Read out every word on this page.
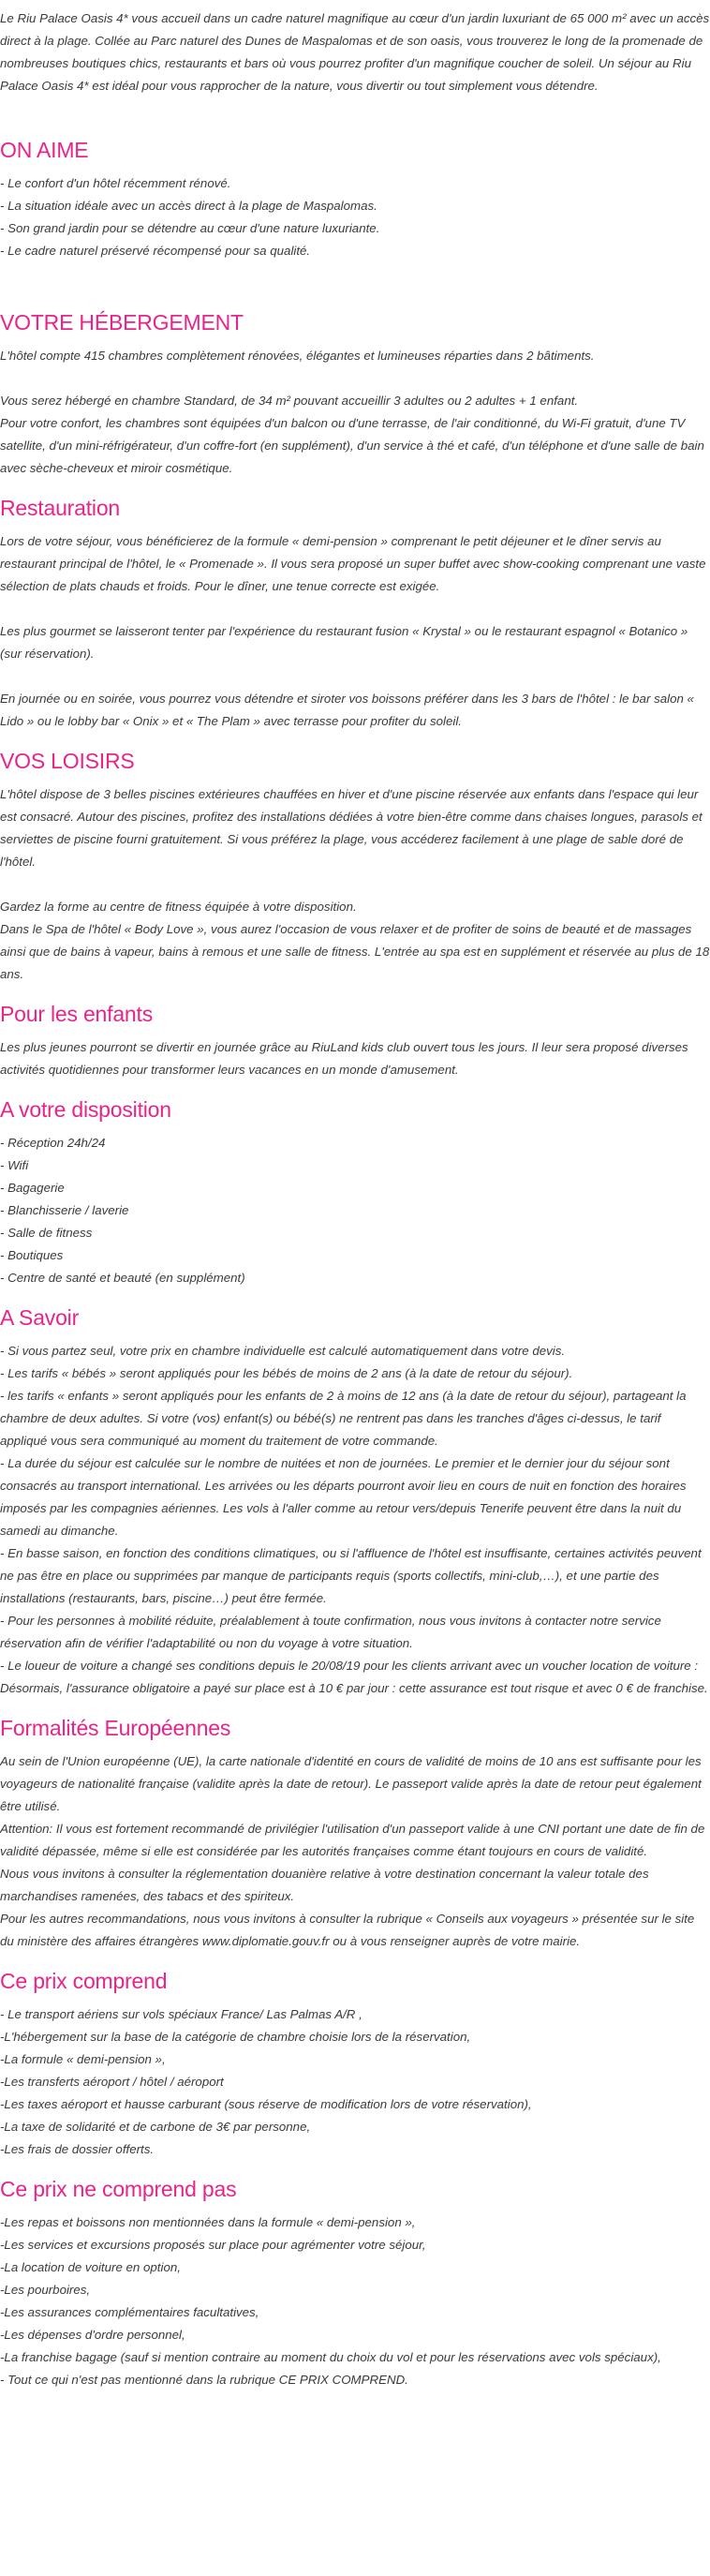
Le Riu Palace Oasis 4* vous accueil dans un cadre naturel magnifique au cœur d'un jardin luxuriant de 65 000 m² avec un accès direct à la plage. Collée au Parc naturel des Dunes de Maspalomas et de son oasis, vous trouverez le long de la promenade de nombreuses boutiques chics, restaurants et bars où vous pourrez profiter d'un magnifique coucher de soleil. Un séjour au Riu Palace Oasis 4* est idéal pour vous rapprocher de la nature, vous divertir ou tout simplement vous détendre.

ON AIME
- Le confort d'un hôtel récemment rénové.
- La situation idéale avec un accès direct à la plage de Maspalomas.
- Son grand jardin pour se détendre au cœur d'une nature luxuriante.
- Le cadre naturel préservé récompensé pour sa qualité.
VOTRE HÉBERGEMENT

L'hôtel compte 415 chambres complètement rénovées, élégantes et lumineuses réparties dans 2 bâtiments.

Vous serez hébergé en chambre Standard, de 34 m² pouvant accueillir 3 adultes ou 2 adultes + 1 enfant.
Pour votre confort, les chambres sont équipées d'un balcon ou d'une terrasse, de l'air conditionné, du Wi-Fi gratuit, d'une TV satellite, d'un mini-réfrigérateur, d'un coffre-fort (en supplément), d'un service à thé et café, d'un téléphone et d'une salle de bain avec sèche-cheveux et miroir cosmétique.

Restauration

Lors de votre séjour, vous bénéficierez de la formule « demi-pension » comprenant le petit déjeuner et le dîner servis au restaurant principal de l'hôtel, le « Promenade ». Il vous sera proposé un super buffet avec show-cooking comprenant une vaste sélection de plats chauds et froids. Pour le dîner, une tenue correcte est exigée.

Les plus gourmet se laisseront tenter par l'expérience du restaurant fusion « Krystal » ou le restaurant espagnol « Botanico » (sur réservation).

En journée ou en soirée, vous pourrez vous détendre et siroter vos boissons préférer dans les 3 bars de l'hôtel : le bar salon « Lido » ou le lobby bar « Onix » et « The Plam » avec terrasse pour profiter du soleil.

VOS LOISIRS

L'hôtel dispose de 3 belles piscines extérieures chauffées en hiver et d'une piscine réservée aux enfants dans l'espace qui leur est consacré. Autour des piscines, profitez des installations dédiées à votre bien-être comme dans chaises longues, parasols et serviettes de piscine fourni gratuitement. Si vous préférez la plage, vous accéderez facilement à une plage de sable doré de l'hôtel.

Gardez la forme au centre de fitness équipée à votre disposition.
Dans le Spa de l'hôtel « Body Love », vous aurez l'occasion de vous relaxer et de profiter de soins de beauté et de massages ainsi que de bains à vapeur, bains à remous et une salle de fitness. L'entrée au spa est en supplément et réservée au plus de 18 ans.

Pour les enfants

Les plus jeunes pourront se divertir en journée grâce au RiuLand kids club ouvert tous les jours. Il leur sera proposé diverses activités quotidiennes pour transformer leurs vacances en un monde d'amusement.

A votre disposition
- Réception 24h/24
- Wifi
- Bagagerie
- Blanchisserie / laverie
- Salle de fitness
- Boutiques
- Centre de santé et beauté (en supplément)
A Savoir

- Si vous partez seul, votre prix en chambre individuelle est calculé automatiquement dans votre devis.
- Les tarifs « bébés » seront appliqués pour les bébés de moins de 2 ans (à la date de retour du séjour).
- les tarifs « enfants » seront appliqués pour les enfants de 2 à moins de 12 ans (à la date de retour du séjour), partageant la chambre de deux adultes. Si votre (vos) enfant(s) ou bébé(s) ne rentrent pas dans les tranches d'âges ci-dessus, le tarif appliqué vous sera communiqué au moment du traitement de votre commande.
- La durée du séjour est calculée sur le nombre de nuitées et non de journées. Le premier et le dernier jour du séjour sont consacrés au transport international. Les arrivées ou les départs pourront avoir lieu en cours de nuit en fonction des horaires imposés par les compagnies aériennes. Les vols à l'aller comme au retour vers/depuis Tenerife peuvent être dans la nuit du samedi au dimanche.
- En basse saison, en fonction des conditions climatiques, ou si l'affluence de l'hôtel est insuffisante, certaines activités peuvent ne pas être en place ou supprimées par manque de participants requis (sports collectifs, mini-club,…), et une partie des installations (restaurants, bars, piscine…) peut être fermée.
- Pour les personnes à mobilité réduite, préalablement à toute confirmation, nous vous invitons à contacter notre service réservation afin de vérifier l'adaptabilité ou non du voyage à votre situation.
- Le loueur de voiture a changé ses conditions depuis le 20/08/19 pour les clients arrivant avec un voucher location de voiture : Désormais, l'assurance obligatoire a payé sur place est à 10 € par jour : cette assurance est tout risque et avec 0 € de franchise.

Formalités Européennes

Au sein de l'Union européenne (UE), la carte nationale d'identité en cours de validité de moins de 10 ans est suffisante pour les voyageurs de nationalité française (validite après la date de retour). Le passeport valide après la date de retour peut également être utilisé.
Attention: Il vous est fortement recommandé de privilégier l'utilisation d'un passeport valide à une CNI portant une date de fin de validité dépassée, même si elle est considérée par les autorités françaises comme étant toujours en cours de validité.
Nous vous invitons à consulter la réglementation douanière relative à votre destination concernant la valeur totale des marchandises ramenées, des tabacs et des spiriteux.
Pour les autres recommandations, nous vous invitons à consulter la rubrique « Conseils aux voyageurs » présentée sur le site du ministère des affaires étrangères www.diplomatie.gouv.fr ou à vous renseigner auprès de votre mairie.

Ce prix comprend
- Le transport aériens sur vols spéciaux France/ Las Palmas A/R ,
-L'hébergement sur la base de la catégorie de chambre choisie lors de la réservation,
-La formule « demi-pension »,
-Les transferts aéroport / hôtel / aéroport
-Les taxes aéroport et hausse carburant (sous réserve de modification lors de votre réservation),
-La taxe de solidarité et de carbone de 3€ par personne,
-Les frais de dossier offerts.
Ce prix ne comprend pas
-Les repas et boissons non mentionnées dans la formule « demi-pension »,
-Les services et excursions proposés sur place pour agrémenter votre séjour,
-La location de voiture en option,
-Les pourboires,
-Les assurances complémentaires facultatives,
-Les dépenses d'ordre personnel,
-La franchise bagage (sauf si mention contraire au moment du choix du vol et pour les réservations avec vols spéciaux),
- Tout ce qui n'est pas mentionné dans la rubrique CE PRIX COMPREND.
